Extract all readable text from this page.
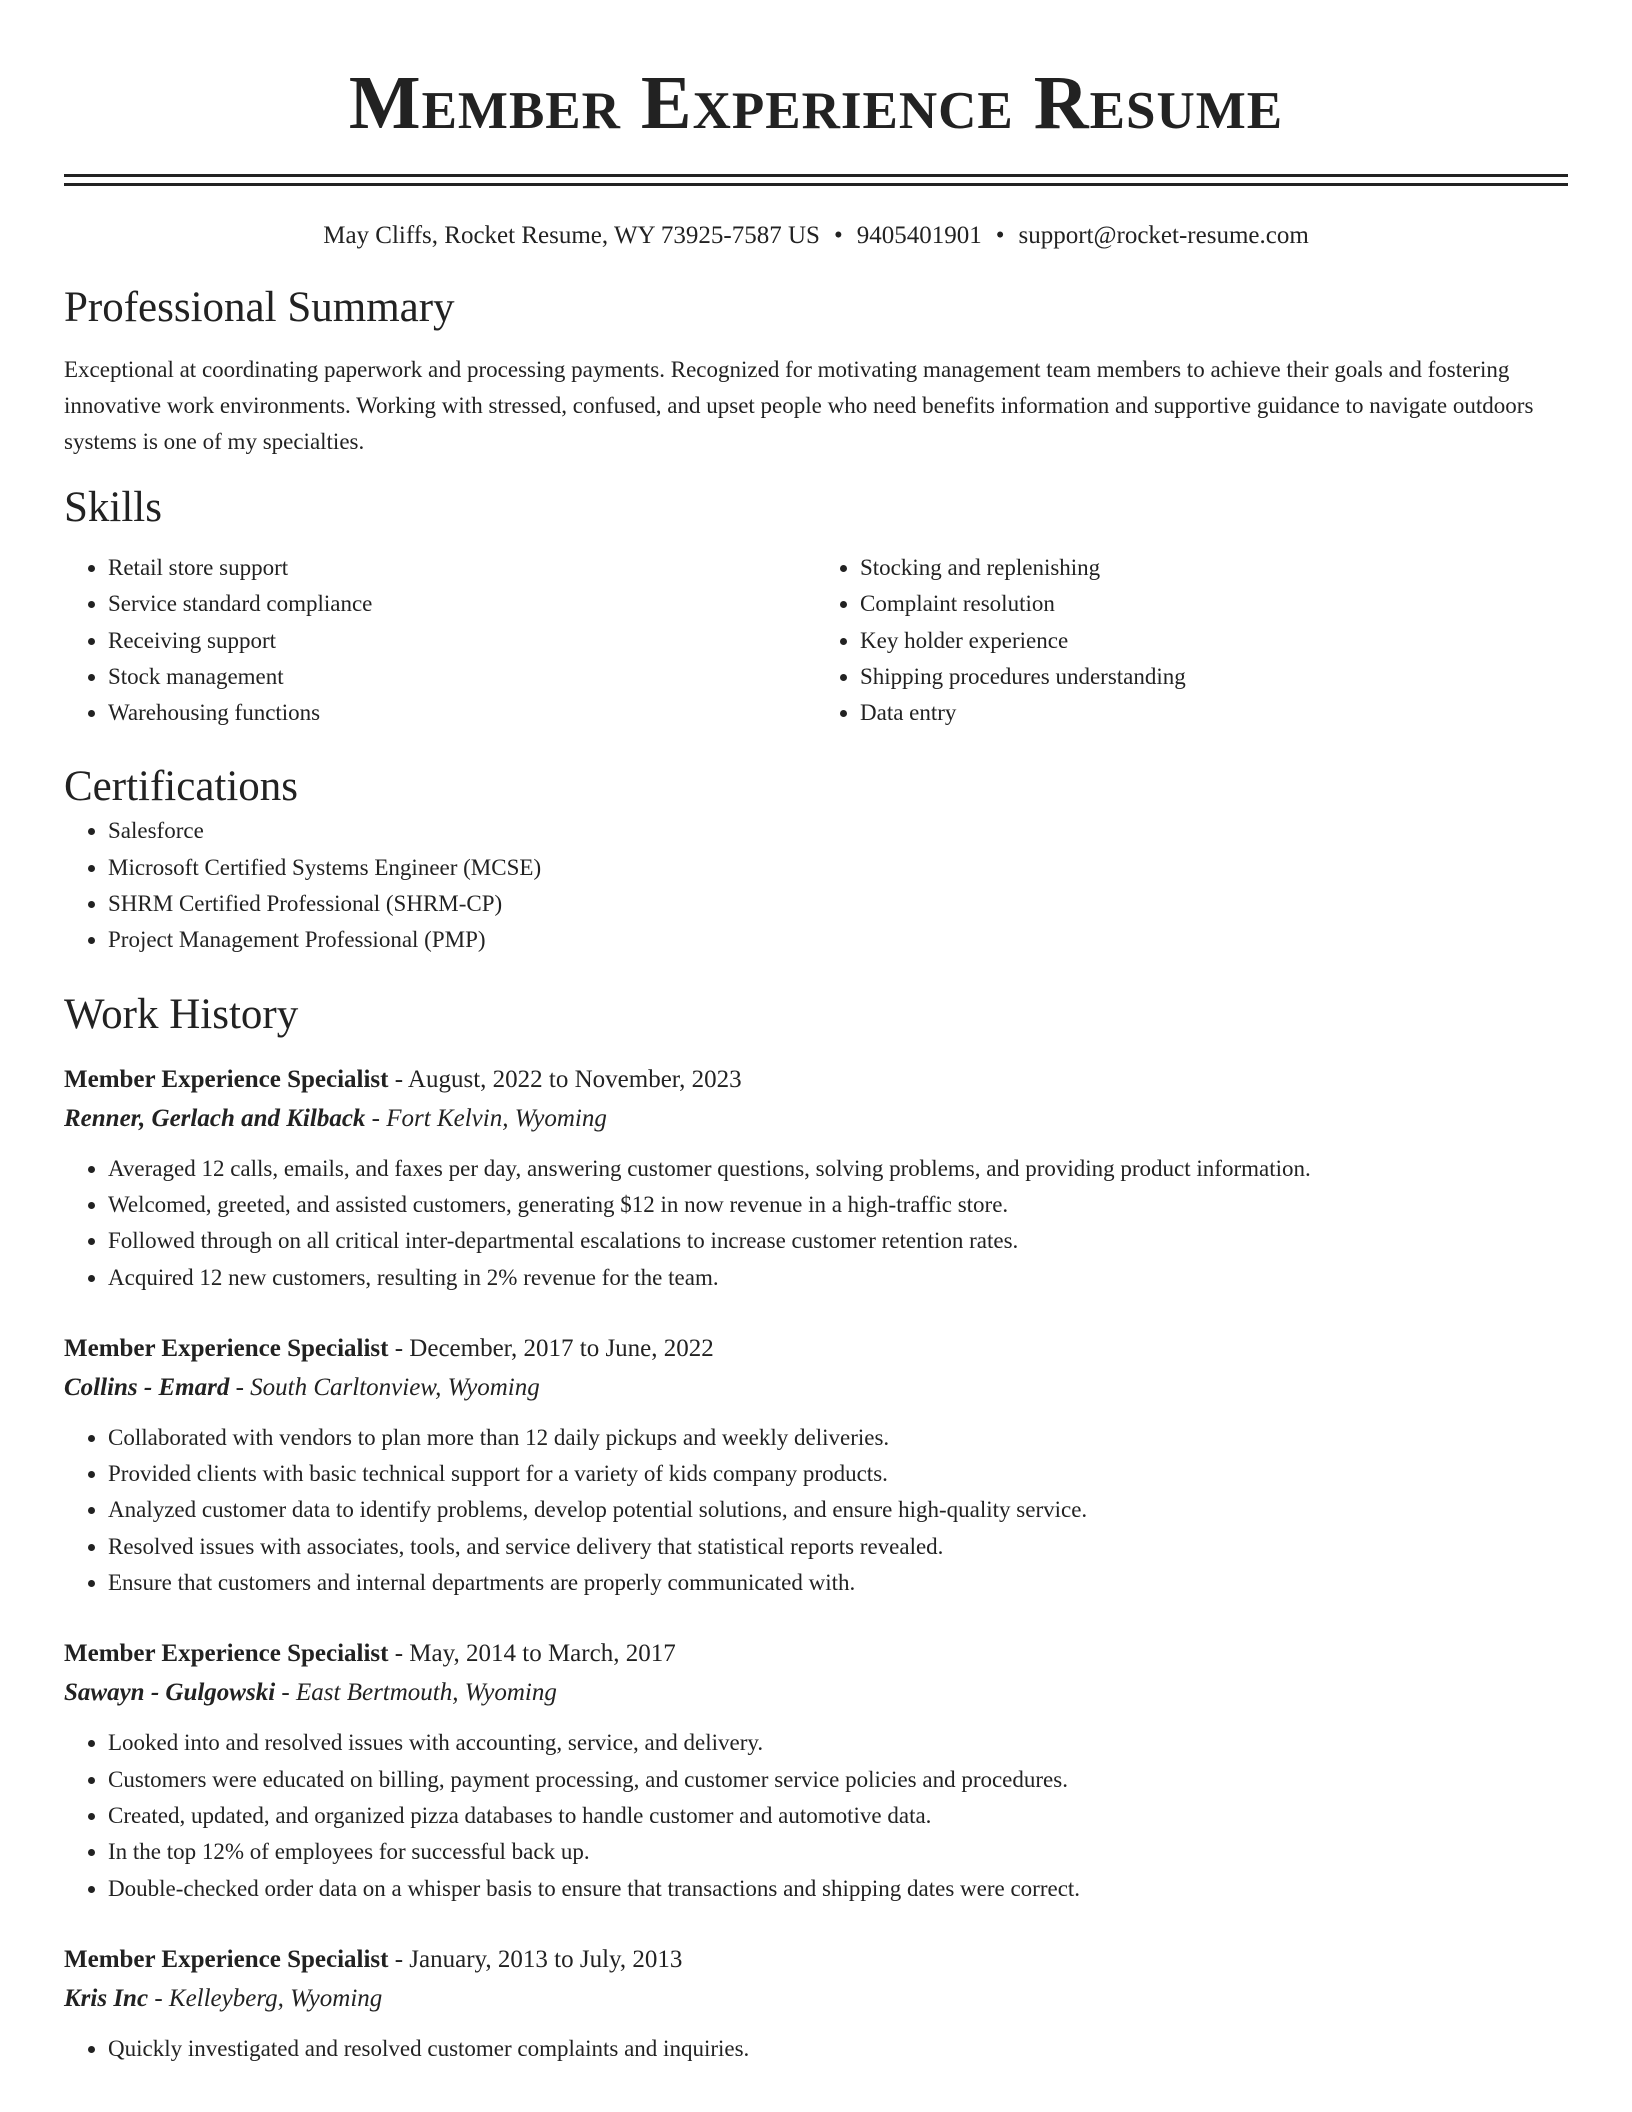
Member Experience Resume
May Cliffs, Rocket Resume, WY 73925-7587 US • 9405401901 • support@rocket-resume.com
Professional Summary

Exceptional at coordinating paperwork and processing payments. Recognized for motivating management team members to achieve their goals and fostering innovative work environments. Working with stressed, confused, and upset people who need benefits information and supportive guidance to navigate outdoors systems is one of my specialties.

Skills
• Retail store support
• Service standard compliance
• Receiving support
• Stock management
• Warehousing functions
• Stocking and replenishing
• Complaint resolution
• Key holder experience
• Shipping procedures understanding
• Data entry
Certifications
• Salesforce
• Microsoft Certified Systems Engineer (MCSE)
• SHRM Certified Professional (SHRM-CP)
• Project Management Professional (PMP)
Work History
Member Experience Specialist - August, 2022 to November, 2023
Renner, Gerlach and Kilback - Fort Kelvin, Wyoming
• Averaged 12 calls, emails, and faxes per day, answering customer questions, solving problems, and providing product information.
• Welcomed, greeted, and assisted customers, generating $12 in now revenue in a high-traffic store.
• Followed through on all critical inter-departmental escalations to increase customer retention rates.
• Acquired 12 new customers, resulting in 2% revenue for the team.
Member Experience Specialist - December, 2017 to June, 2022
Collins - Emard - South Carltonview, Wyoming
• Collaborated with vendors to plan more than 12 daily pickups and weekly deliveries.
• Provided clients with basic technical support for a variety of kids company products.
• Analyzed customer data to identify problems, develop potential solutions, and ensure high-quality service.
• Resolved issues with associates, tools, and service delivery that statistical reports revealed.
• Ensure that customers and internal departments are properly communicated with.
Member Experience Specialist - May, 2014 to March, 2017
Sawayn - Gulgowski - East Bertmouth, Wyoming
• Looked into and resolved issues with accounting, service, and delivery.
• Customers were educated on billing, payment processing, and customer service policies and procedures.
• Created, updated, and organized pizza databases to handle customer and automotive data.
• In the top 12% of employees for successful back up.
• Double-checked order data on a whisper basis to ensure that transactions and shipping dates were correct.
Member Experience Specialist - January, 2013 to July, 2013
Kris Inc - Kelleyberg, Wyoming
• Quickly investigated and resolved customer complaints and inquiries.
